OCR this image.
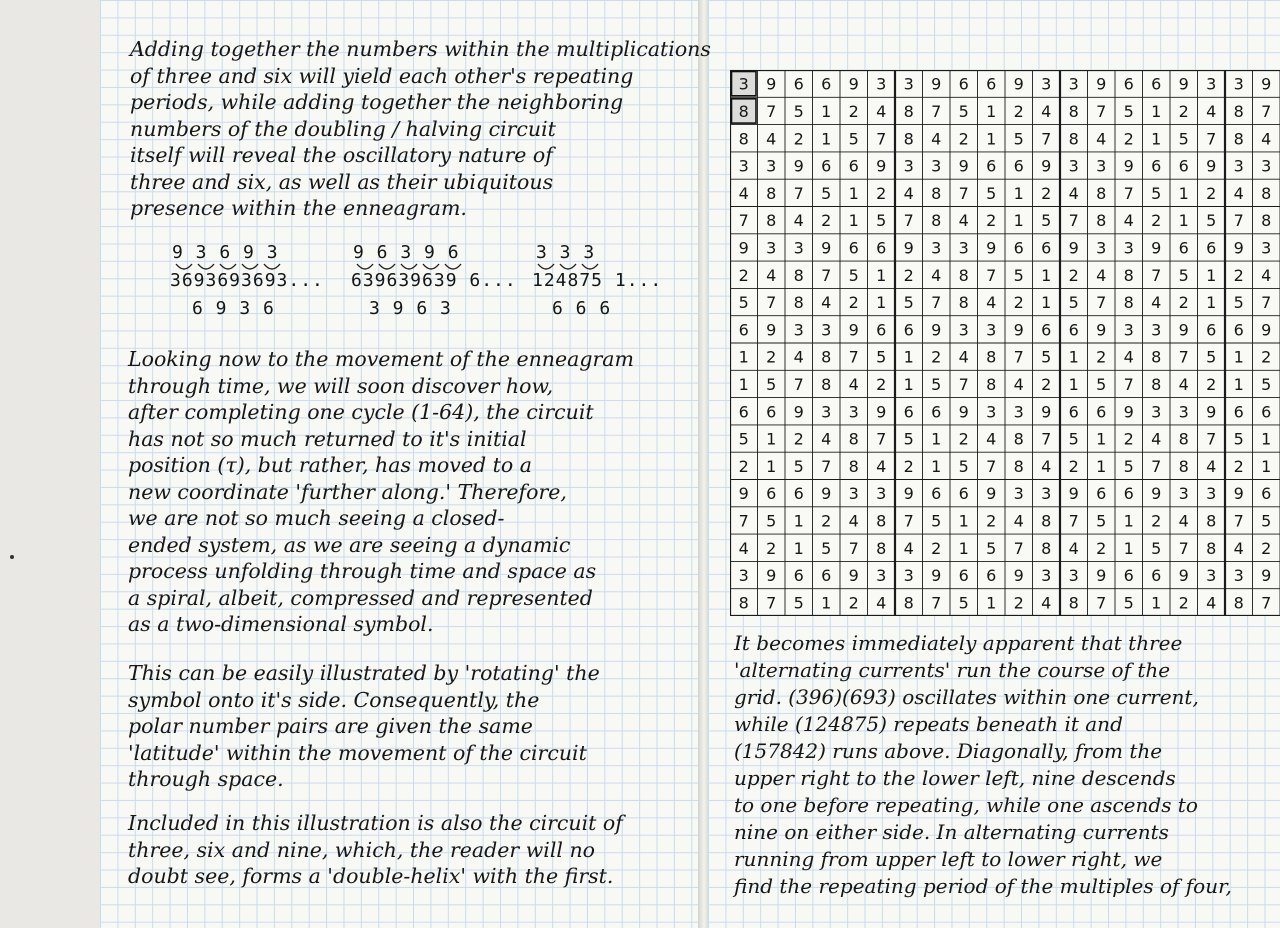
Adding together the numbers within the multiplications
of three and six will yield each other's repeating
periods, while adding together the neighboring
numbers of the doubling / halving circuit
itself will reveal the oscillatory nature of
three and six, as well as their ubiquitous
presence within the enneagram.
9 3 6 9 3
3693693693...
6 9 3 6
9 6 3 9 6
639639639 6...
3 9 6 3
3 3 3
124875 1...
6 6 6
Looking now to the movement of the enneagram
through time, we will soon discover how,
after completing one cycle (1-64), the circuit
has not so much returned to it's initial
position (τ), but rather, has moved to a
new coordinate 'further along.' Therefore,
we are not so much seeing a closed-
ended system, as we are seeing a dynamic
process unfolding through time and space as
a spiral, albeit, compressed and represented
as a two-dimensional symbol.
This can be easily illustrated by 'rotating' the
symbol onto it's side. Consequently, the
polar number pairs are given the same
'latitude' within the movement of the circuit
through space.
Included in this illustration is also the circuit of
three, six and nine, which, the reader will no
doubt see, forms a 'double-helix' with the first.
3 9 6 6 9 3 3 9 6 6 9 3 3 9 6 6 9 3 3 9
8 7 5 1 2 4 8 7 5 1 2 4 8 7 5 1 2 4 8 7
8 4 2 1 5 7 8 4 2 1 5 7 8 4 2 1 5 7 8 4
3 3 9 6 6 9 3 3 9 6 6 9 3 3 9 6 6 9 3 3
4 8 7 5 1 2 4 8 7 5 1 2 4 8 7 5 1 2 4 8
7 8 4 2 1 5 7 8 4 2 1 5 7 8 4 2 1 5 7 8
9 3 3 9 6 6 9 3 3 9 6 6 9 3 3 9 6 6 9 3
2 4 8 7 5 1 2 4 8 7 5 1 2 4 8 7 5 1 2 4
5 7 8 4 2 1 5 7 8 4 2 1 5 7 8 4 2 1 5 7
6 9 3 3 9 6 6 9 3 3 9 6 6 9 3 3 9 6 6 9
1 2 4 8 7 5 1 2 4 8 7 5 1 2 4 8 7 5 1 2
1 5 7 8 4 2 1 5 7 8 4 2 1 5 7 8 4 2 1 5
6 6 9 3 3 9 6 6 9 3 3 9 6 6 9 3 3 9 6 6
5 1 2 4 8 7 5 1 2 4 8 7 5 1 2 4 8 7 5 1
2 1 5 7 8 4 2 1 5 7 8 4 2 1 5 7 8 4 2 1
9 6 6 9 3 3 9 6 6 9 3 3 9 6 6 9 3 3 9 6
7 5 1 2 4 8 7 5 1 2 4 8 7 5 1 2 4 8 7 5
4 2 1 5 7 8 4 2 1 5 7 8 4 2 1 5 7 8 4 2
3 9 6 6 9 3 3 9 6 6 9 3 3 9 6 6 9 3 3 9
8 7 5 1 2 4 8 7 5 1 2 4 8 7 5 1 2 4 8 7
It becomes immediately apparent that three
'alternating currents' run the course of the
grid. (396)(693) oscillates within one current,
while (124875) repeats beneath it and
(157842) runs above. Diagonally, from the
upper right to the lower left, nine descends
to one before repeating, while one ascends to
nine on either side. In alternating currents
running from upper left to lower right, we
find the repeating period of the multiples of four,
